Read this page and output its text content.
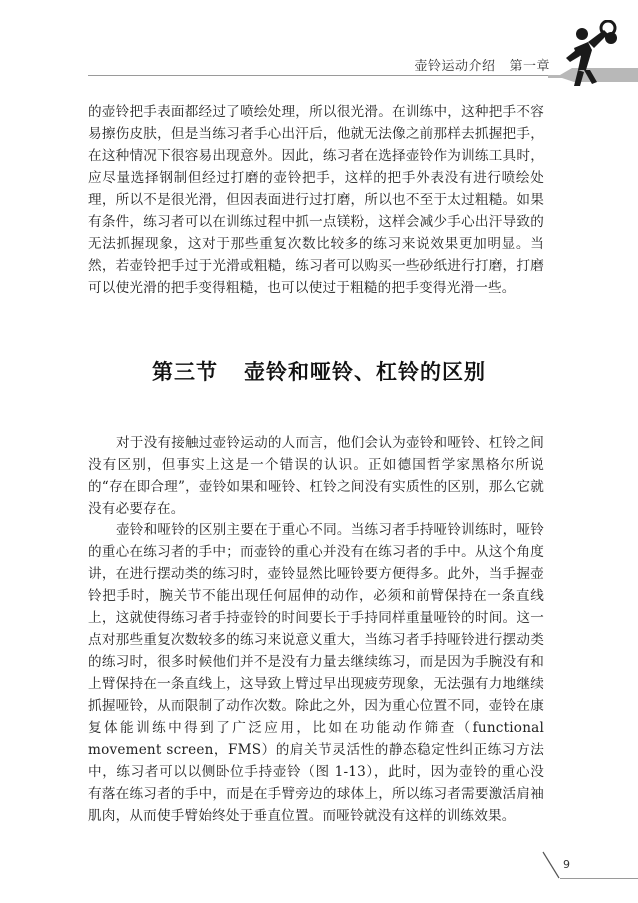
壶铃运动介绍 第一章

的壶铃把手表面都经过了喷绘处理，所以很光滑。在训练中，这种把手不容易擦伤皮肤，但是当练习者手心出汗后，他就无法像之前那样去抓握把手，在这种情况下很容易出现意外。因此，练习者在选择壶铃作为训练工具时，应尽量选择钢制但经过打磨的壶铃把手，这样的把手外表没有进行喷绘处理，所以不是很光滑，但因表面进行过打磨，所以也不至于太过粗糙。如果有条件，练习者可以在训练过程中抓一点镁粉，这样会减少手心出汗导致的无法抓握现象，这对于那些重复次数比较多的练习来说效果更加明显。当然，若壶铃把手过于光滑或粗糙，练习者可以购买一些砂纸进行打磨，打磨可以使光滑的把手变得粗糙，也可以使过于粗糙的把手变得光滑一些。

第三节 壶铃和哑铃、杠铃的区别

对于没有接触过壶铃运动的人而言，他们会认为壶铃和哑铃、杠铃之间没有区别，但事实上这是一个错误的认识。正如德国哲学家黑格尔所说的“存在即合理”，壶铃如果和哑铃、杠铃之间没有实质性的区别，那么它就没有必要存在。

壶铃和哑铃的区别主要在于重心不同。当练习者手持哑铃训练时，哑铃的重心在练习者的手中；而壶铃的重心并没有在练习者的手中。从这个角度讲，在进行摆动类的练习时，壶铃显然比哑铃要方便得多。此外，当手握壶铃把手时，腕关节不能出现任何屈伸的动作，必须和前臂保持在一条直线上，这就使得练习者手持壶铃的时间要长于手持同样重量哑铃的时间。这一点对那些重复次数较多的练习来说意义重大，当练习者手持哑铃进行摆动类的练习时，很多时候他们并不是没有力量去继续练习，而是因为手腕没有和上臂保持在一条直线上，这导致上臂过早出现疲劳现象，无法强有力地继续抓握哑铃，从而限制了动作次数。除此之外，因为重心位置不同，壶铃在康复体能训练中得到了广泛应用，比如在功能动作筛查（functional movement screen，FMS）的肩关节灵活性的静态稳定性纠正练习方法中，练习者可以以侧卧位手持壶铃（图 1-13），此时，因为壶铃的重心没有落在练习者的手中，而是在手臂旁边的球体上，所以练习者需要激活肩袖肌肉，从而使手臂始终处于垂直位置。而哑铃就没有这样的训练效果。

9
